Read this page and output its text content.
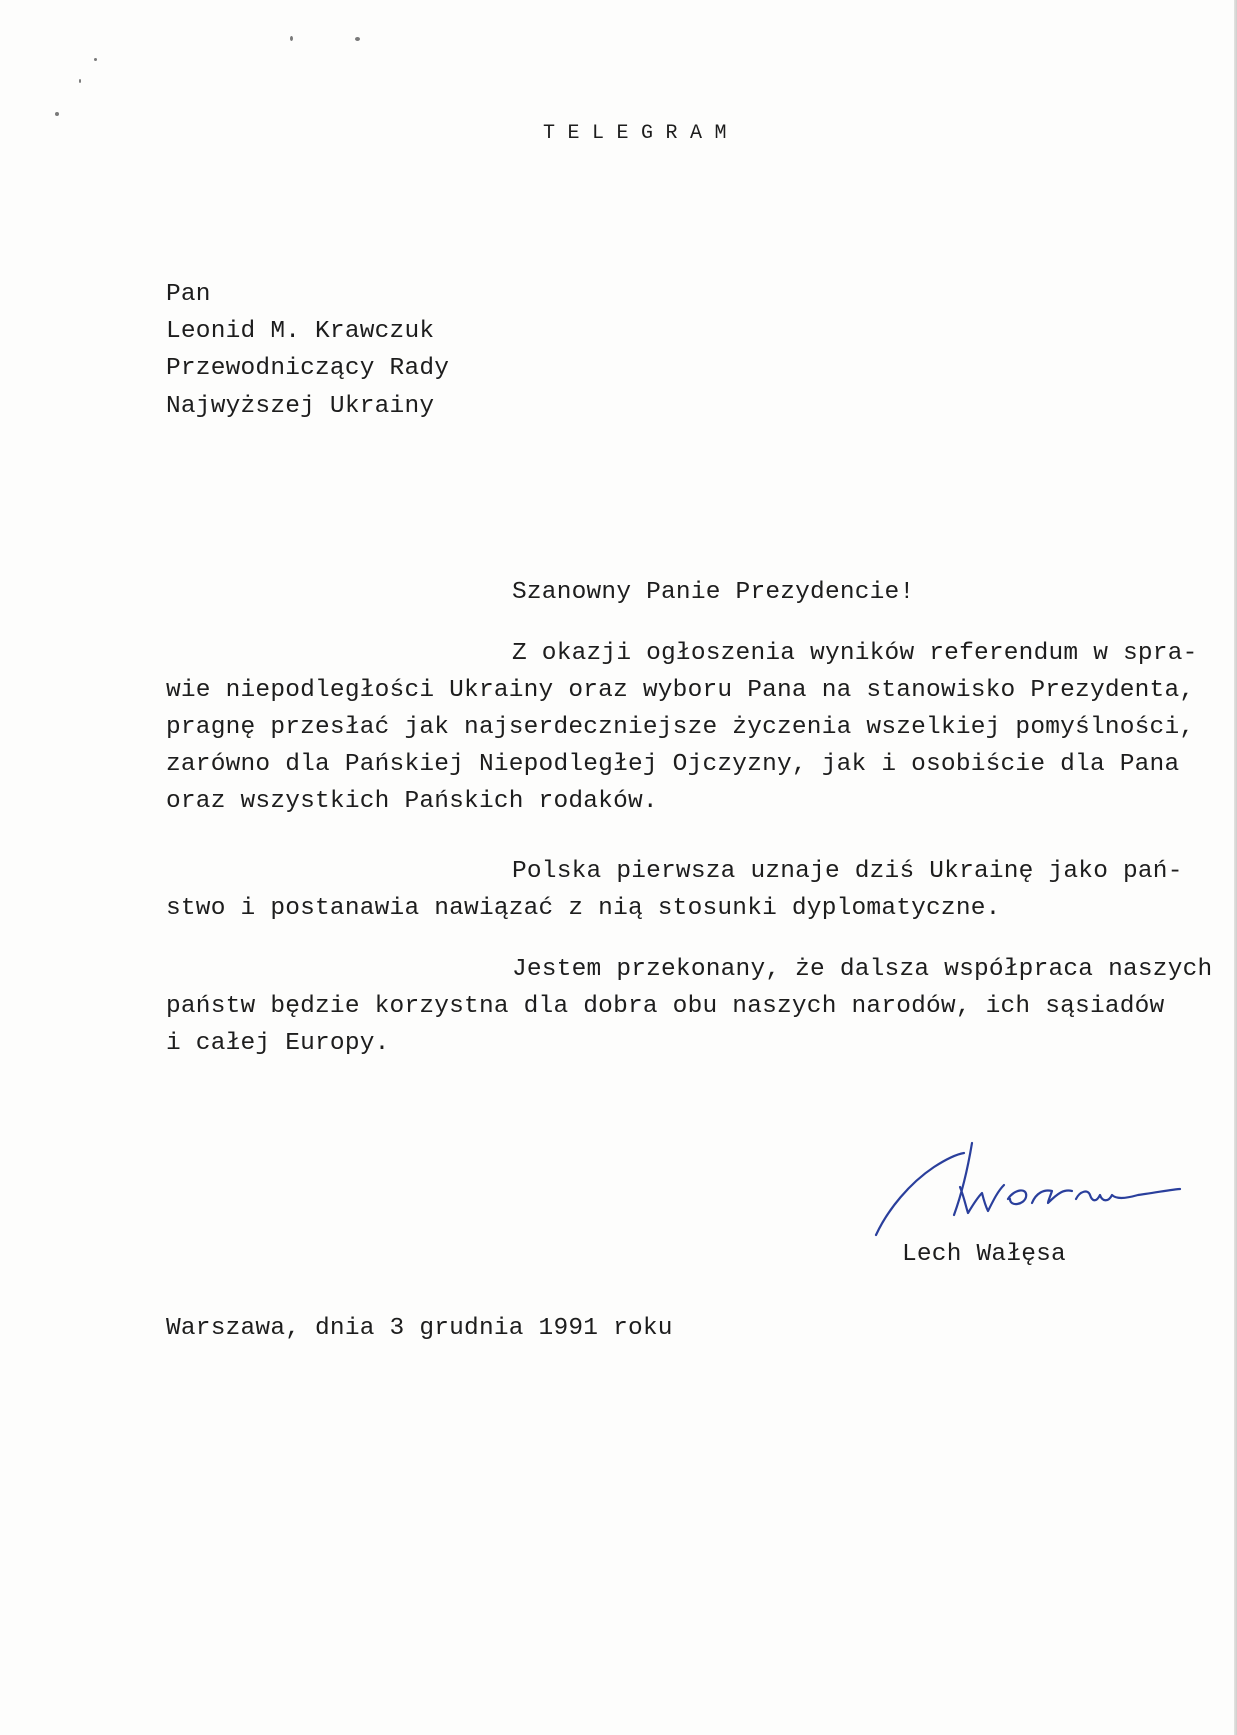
TELEGRAM

Pan

Leonid M. Krawczuk

Przewodniczący Rady

Najwyższej Ukrainy

Szanowny Panie Prezydencie!

Z okazji ogłoszenia wyników referendum w spra-

wie niepodległości Ukrainy oraz wyboru Pana na stanowisko Prezydenta,

pragnę przesłać jak najserdeczniejsze życzenia wszelkiej pomyślności,

zarówno dla Pańskiej Niepodległej Ojczyzny, jak i osobiście dla Pana

oraz wszystkich Pańskich rodaków.

Polska pierwsza uznaje dziś Ukrainę jako pań-

stwo i postanawia nawiązać z nią stosunki dyplomatyczne.

Jestem przekonany, że dalsza współpraca naszych

państw będzie korzystna dla dobra obu naszych narodów, ich sąsiadów

i całej Europy.

Lech Wałęsa

Warszawa, dnia 3 grudnia 1991 roku
